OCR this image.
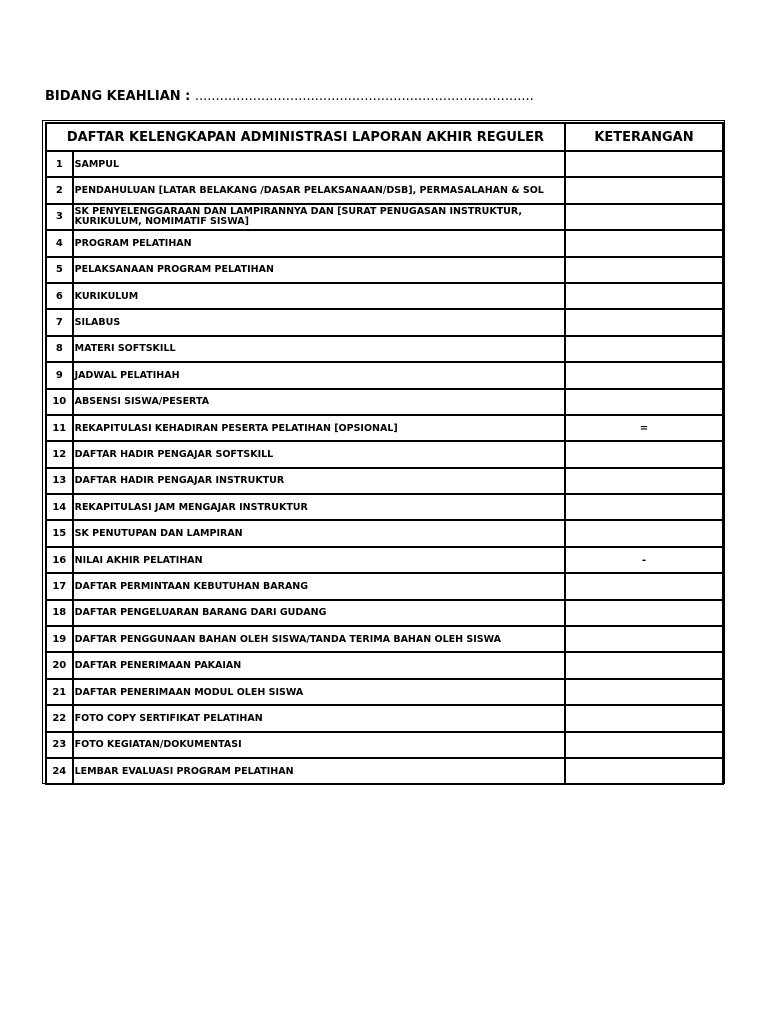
BIDANG KEAHLIAN : ..................................................................................
DAFTAR KELENGKAPAN ADMINISTRASI LAPORAN AKHIR REGULER		KETERANGAN
1	SAMPUL	
2	PENDAHULUAN [LATAR BELAKANG /DASAR PELAKSANAAN/DSB], PERMASALAHAN & SOL	
3	SK PENYELENGGARAAN DAN LAMPIRANNYA DAN [SURAT PENUGASAN INSTRUKTUR, KURIKULUM, NOMIMATIF SISWA]	
4	PROGRAM PELATIHAN	
5	PELAKSANAAN PROGRAM PELATIHAN	
6	KURIKULUM	
7	SILABUS	
8	MATERI SOFTSKILL	
9	JADWAL PELATIHAH	
10	ABSENSI SISWA/PESERTA	
11	REKAPITULASI KEHADIRAN PESERTA PELATIHAN [OPSIONAL]	=
12	DAFTAR HADIR PENGAJAR SOFTSKILL	
13	DAFTAR HADIR PENGAJAR INSTRUKTUR	
14	REKAPITULASI JAM MENGAJAR INSTRUKTUR	
15	SK PENUTUPAN DAN LAMPIRAN	
16	NILAI AKHIR PELATIHAN	-
17	DAFTAR PERMINTAAN KEBUTUHAN BARANG	
18	DAFTAR PENGELUARAN BARANG DARI GUDANG	
19	DAFTAR PENGGUNAAN BAHAN OLEH SISWA/TANDA TERIMA BAHAN OLEH SISWA	
20	DAFTAR PENERIMAAN PAKAIAN	
21	DAFTAR PENERIMAAN MODUL OLEH SISWA	
22	FOTO COPY SERTIFIKAT PELATIHAN	
23	FOTO KEGIATAN/DOKUMENTASI	
24	LEMBAR EVALUASI PROGRAM PELATIHAN	
